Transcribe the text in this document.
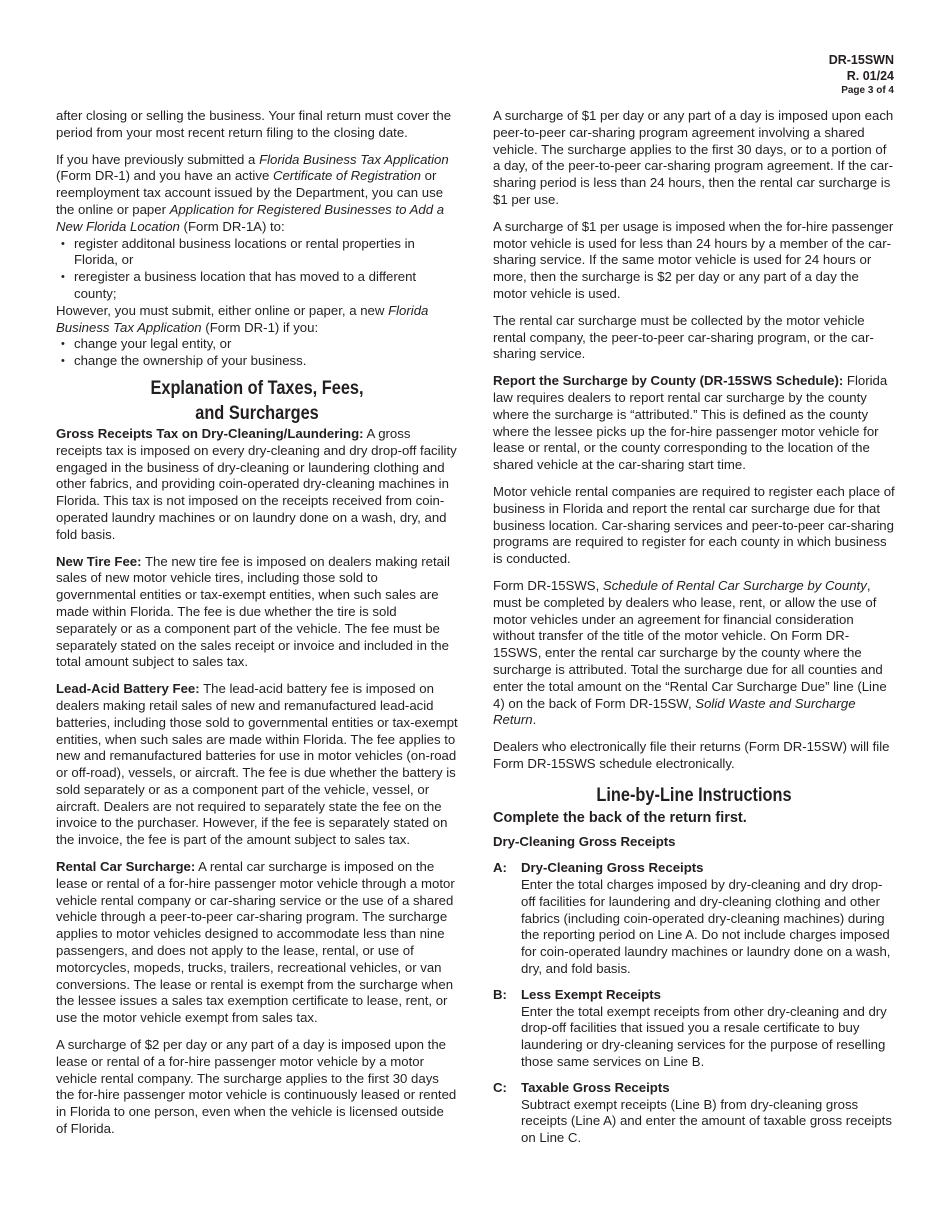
DR-15SWN
R. 01/24
Page 3 of 4

after closing or selling the business. Your final return must cover the period from your most recent return filing to the closing date.

If you have previously submitted a Florida Business Tax Application (Form DR-1) and you have an active Certificate of Registration or reemployment tax account issued by the Department, you can use the online or paper Application for Registered Businesses to Add a New Florida Location (Form DR-1A) to:

• register additonal business locations or rental properties in Florida, or
• reregister a business location that has moved to a different county;

However, you must submit, either online or paper, a new Florida Business Tax Application (Form DR-1) if you:

• change your legal entity, or
• change the ownership of your business.
Explanation of Taxes, Fees,
and Surcharges

Gross Receipts Tax on Dry-Cleaning/Laundering: A gross receipts tax is imposed on every dry-cleaning and dry drop-off facility engaged in the business of dry-cleaning or laundering clothing and other fabrics, and providing coin-operated dry-cleaning machines in Florida. This tax is not imposed on the receipts received from coin-operated laundry machines or on laundry done on a wash, dry, and fold basis.

New Tire Fee: The new tire fee is imposed on dealers making retail sales of new motor vehicle tires, including those sold to governmental entities or tax-exempt entities, when such sales are made within Florida. The fee is due whether the tire is sold separately or as a component part of the vehicle. The fee must be separately stated on the sales receipt or invoice and included in the total amount subject to sales tax.

Lead-Acid Battery Fee: The lead-acid battery fee is imposed on dealers making retail sales of new and remanufactured lead-acid batteries, including those sold to governmental entities or tax-exempt entities, when such sales are made within Florida. The fee applies to new and remanufactured batteries for use in motor vehicles (on-road or off-road), vessels, or aircraft. The fee is due whether the battery is sold separately or as a component part of the vehicle, vessel, or aircraft. Dealers are not required to separately state the fee on the invoice to the purchaser. However, if the fee is separately stated on the invoice, the fee is part of the amount subject to sales tax.

Rental Car Surcharge: A rental car surcharge is imposed on the lease or rental of a for-hire passenger motor vehicle through a motor vehicle rental company or car-sharing service or the use of a shared vehicle through a peer-to-peer car-sharing program. The surcharge applies to motor vehicles designed to accommodate less than nine passengers, and does not apply to the lease, rental, or use of motorcycles, mopeds, trucks, trailers, recreational vehicles, or van conversions. The lease or rental is exempt from the surcharge when the lessee issues a sales tax exemption certificate to lease, rent, or use the motor vehicle exempt from sales tax.

A surcharge of $2 per day or any part of a day is imposed upon the lease or rental of a for-hire passenger motor vehicle by a motor vehicle rental company. The surcharge applies to the first 30 days the for-hire passenger motor vehicle is continuously leased or rented in Florida to one person, even when the vehicle is licensed outside of Florida.

A surcharge of $1 per day or any part of a day is imposed upon each peer-to-peer car-sharing program agreement involving a shared vehicle. The surcharge applies to the first 30 days, or to a portion of a day, of the peer-to-peer car-sharing program agreement. If the car-sharing period is less than 24 hours, then the rental car surcharge is $1 per use.

A surcharge of $1 per usage is imposed when the for-hire passenger motor vehicle is used for less than 24 hours by a member of the car-sharing service. If the same motor vehicle is used for 24 hours or more, then the surcharge is $2 per day or any part of a day the motor vehicle is used.

The rental car surcharge must be collected by the motor vehicle rental company, the peer-to-peer car-sharing program, or the car-sharing service.

Report the Surcharge by County (DR-15SWS Schedule): Florida law requires dealers to report rental car surcharge by the county where the surcharge is “attributed.” This is defined as the county where the lessee picks up the for-hire passenger motor vehicle for lease or rental, or the county corresponding to the location of the shared vehicle at the car-sharing start time.

Motor vehicle rental companies are required to register each place of business in Florida and report the rental car surcharge due for that business location. Car-sharing services and peer-to-peer car-sharing programs are required to register for each county in which business is conducted.

Form DR-15SWS, Schedule of Rental Car Surcharge by County, must be completed by dealers who lease, rent, or allow the use of motor vehicles under an agreement for financial consideration without transfer of the title of the motor vehicle. On Form DR-15SWS, enter the rental car surcharge by the county where the surcharge is attributed. Total the surcharge due for all counties and enter the total amount on the “Rental Car Surcharge Due” line (Line 4) on the back of Form DR-15SW, Solid Waste and Surcharge Return.

Dealers who electronically file their returns (Form DR-15SW) will file Form DR-15SWS schedule electronically.

Line-by-Line Instructions
Complete the back of the return first.
Dry-Cleaning Gross Receipts
A:	Dry-Cleaning Gross Receipts
Enter the total charges imposed by dry-cleaning and dry drop-off facilities for laundering and dry-cleaning clothing and other fabrics (including coin-operated dry-cleaning machines) during the reporting period on Line A. Do not include charges imposed for coin-operated laundry machines or laundry done on a wash, dry, and fold basis.
B:	Less Exempt Receipts
Enter the total exempt receipts from other dry-cleaning and dry drop-off facilities that issued you a resale certificate to buy laundering or dry-cleaning services for the purpose of reselling those same services on Line B.
C:	Taxable Gross Receipts
Subtract exempt receipts (Line B) from dry-cleaning gross receipts (Line A) and enter the amount of taxable gross receipts on Line C.
